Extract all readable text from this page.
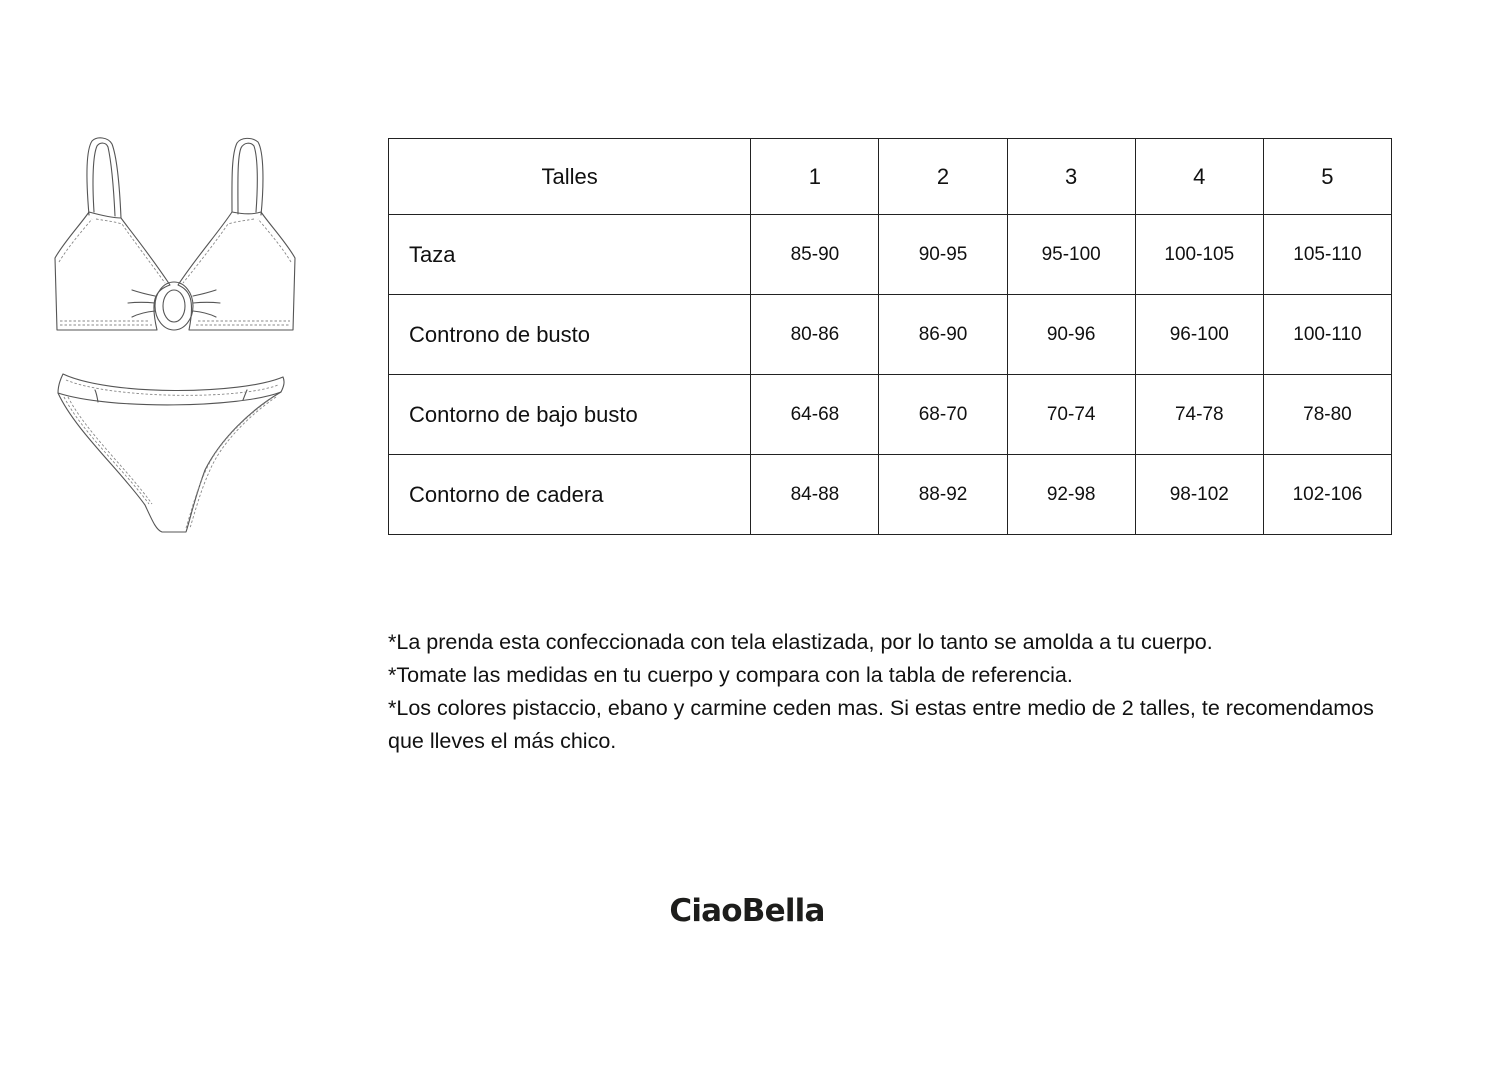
Talles	1	2	3	4	5
Taza	85-90	90-95	95-100	100-105	105-110
Controno de busto	80-86	86-90	90-96	96-100	100-110
Contorno de bajo busto	64-68	68-70	70-74	74-78	78-80
Contorno de cadera	84-88	88-92	92-98	98-102	102-106

*La prenda esta confeccionada con tela elastizada, por lo tanto se amolda a tu cuerpo.

*Tomate las medidas en tu cuerpo y compara con la tabla de referencia.

*Los colores pistaccio, ebano y carmine ceden mas. Si estas entre medio de 2 talles, te recomendamos que lleves el más chico.

CiaoBella
